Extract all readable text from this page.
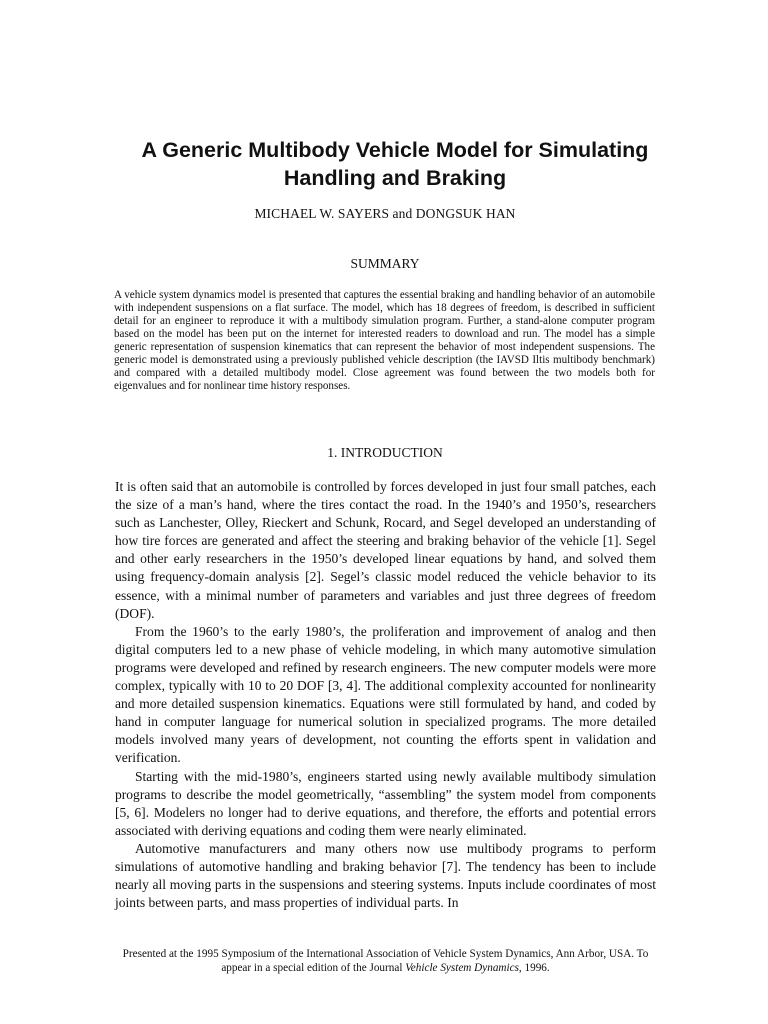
A Generic Multibody Vehicle Model for Simulating
Handling and Braking
MICHAEL W. SAYERS and DONGSUK HAN
SUMMARY

A vehicle system dynamics model is presented that captures the essential braking and handling behavior of an automobile with independent suspensions on a flat surface. The model, which has 18 degrees of freedom, is described in sufficient detail for an engineer to reproduce it with a multibody simulation program. Further, a stand-alone computer program based on the model has been put on the internet for interested readers to download and run. The model has a simple generic representation of suspension kinematics that can represent the behavior of most independent suspensions. The generic model is demonstrated using a previously published vehicle description (the IAVSD Iltis multibody benchmark) and compared with a detailed multibody model. Close agreement was found between the two models both for eigenvalues and for nonlinear time history responses.

1. INTRODUCTION

It is often said that an automobile is controlled by forces developed in just four small patches, each the size of a man’s hand, where the tires contact the road. In the 1940’s and 1950’s, researchers such as Lanchester, Olley, Rieckert and Schunk, Rocard, and Segel developed an understanding of how tire forces are generated and affect the steering and braking behavior of the vehicle [1]. Segel and other early researchers in the 1950’s developed linear equations by hand, and solved them using frequency-domain analysis [2]. Segel’s classic model reduced the vehicle behavior to its essence, with a minimal number of parameters and variables and just three degrees of freedom (DOF).

From the 1960’s to the early 1980’s, the proliferation and improvement of analog and then digital computers led to a new phase of vehicle modeling, in which many automotive simulation programs were developed and refined by research engineers. The new computer models were more complex, typically with 10 to 20 DOF [3, 4]. The additional complexity accounted for nonlinearity and more detailed suspension kinematics. Equations were still formulated by hand, and coded by hand in computer language for numerical solution in specialized programs. The more detailed models involved many years of development, not counting the efforts spent in validation and verification.

Starting with the mid-1980’s, engineers started using newly available multibody simulation programs to describe the model geometrically, “assembling” the system model from components [5, 6]. Modelers no longer had to derive equations, and therefore, the efforts and potential errors associated with deriving equations and coding them were nearly eliminated.

Automotive manufacturers and many others now use multibody programs to perform simulations of automotive handling and braking behavior [7]. The tendency has been to include nearly all moving parts in the suspensions and steering systems. Inputs include coordinates of most joints between parts, and mass properties of individual parts. In

Presented at the 1995 Symposium of the International Association of Vehicle System Dynamics, Ann Arbor, USA. To appear in a special edition of the Journal Vehicle System Dynamics, 1996.
